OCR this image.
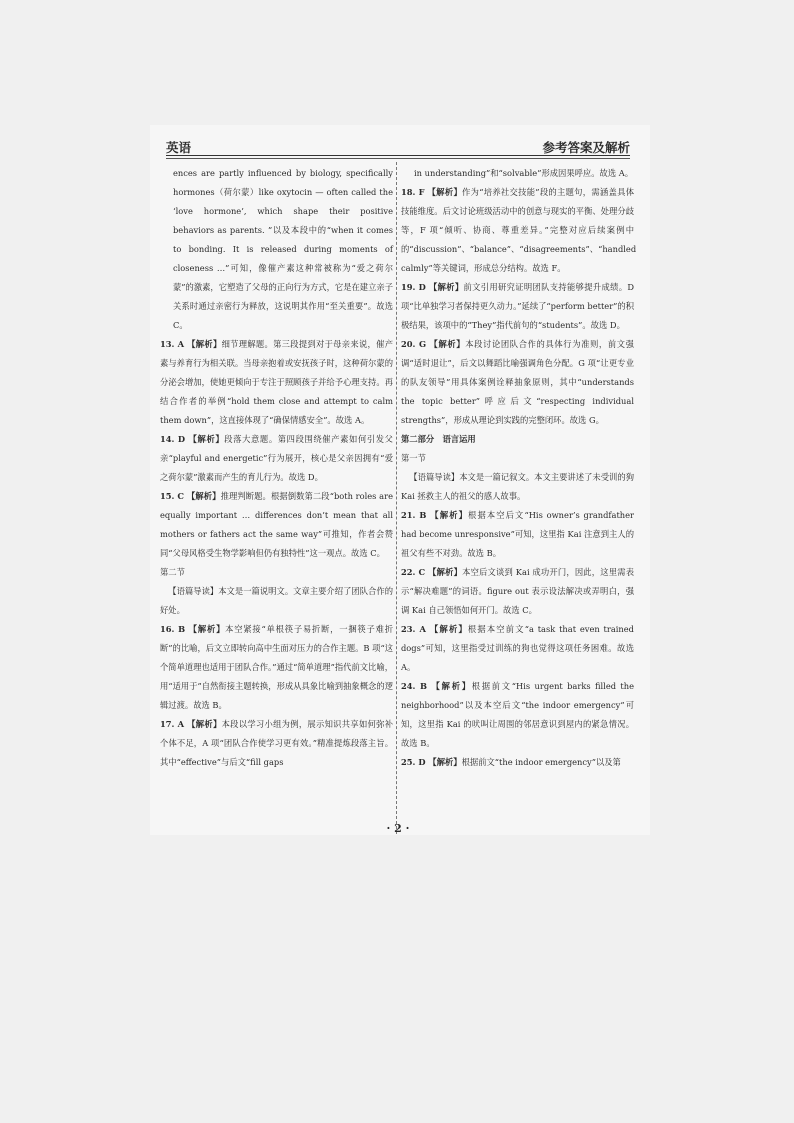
英语	参考答案及解析

ences are partly influenced by biology, specifically hormones（荷尔蒙）like oxytocin — often called the ‘love hormone’, which shape their positive behaviors as parents. ”以及本段中的“when it comes to bonding. It is released during moments of closeness …”可知，像催产素这种常被称为“爱之荷尔蒙”的激素，它塑造了父母的正向行为方式，它是在建立亲子关系时通过亲密行为释放，这说明其作用“至关重要”。故选 C。

13. A 【解析】细节理解题。第三段提到对于母亲来说，催产素与养育行为相关联。当母亲抱着或安抚孩子时，这种荷尔蒙的分泌会增加，使她更倾向于专注于照顾孩子并给予心理支持。再结合作者的举例“hold them close and attempt to calm them down”，这直接体现了“确保情感安全”。故选 A。

14. D 【解析】段落大意题。第四段围绕催产素如何引发父亲“playful and energetic”行为展开，核心是父亲因拥有“爱之荷尔蒙”激素而产生的育儿行为。故选 D。

15. C 【解析】推理判断题。根据倒数第二段“both roles are equally important … differences don’t mean that all mothers or fathers act the same way”可推知，作者会赞同“父母风格受生物学影响但仍有独特性”这一观点。故选 C。

第二节

【语篇导读】本文是一篇说明文。文章主要介绍了团队合作的好处。

16. B 【解析】本空紧接“单根筷子易折断，一捆筷子难折断”的比喻，后文立即转向高中生面对压力的合作主题。B 项“这个简单道理也适用于团队合作。”通过“简单道理”指代前文比喻，用“适用于”自然衔接主题转换，形成从具象比喻到抽象概念的逻辑过渡。故选 B。

17. A 【解析】本段以学习小组为例，展示知识共享如何弥补个体不足，A 项“团队合作使学习更有效。”精准提炼段落主旨。其中“effective”与后文“fill gaps

in understanding”和“solvable”形成因果呼应。故选 A。

18. F 【解析】作为“培养社交技能”段的主题句，需涵盖具体技能维度。后文讨论班级活动中的创意与现实的平衡、处理分歧等，F 项“倾听、协商、尊重差异。”完整对应后续案例中的“discussion”、“balance”、“disagreements”、“handled calmly”等关键词，形成总分结构。故选 F。

19. D 【解析】前文引用研究证明团队支持能够提升成绩。D 项“比单独学习者保持更久动力。”延续了“perform better”的积极结果，该项中的“They”指代前句的“students”。故选 D。

20. G 【解析】本段讨论团队合作的具体行为准则，前文强调“适时退让”，后文以舞蹈比喻强调角色分配。G 项“让更专业的队友领导”用具体案例诠释抽象原则，其中“understands the topic better”呼应后文“respecting individual strengths”，形成从理论到实践的完整闭环。故选 G。

第二部分　语言运用

第一节

【语篇导读】本文是一篇记叙文。本文主要讲述了未受训的狗 Kai 拯救主人的祖父的感人故事。

21. B 【解析】根据本空后文“His owner’s grandfather had become unresponsive”可知，这里指 Kai 注意到主人的祖父有些不对劲。故选 B。

22. C 【解析】本空后文谈到 Kai 成功开门，因此，这里需表示“解决难题”的词语。figure out 表示设法解决或弄明白，强调 Kai 自己领悟如何开门。故选 C。

23. A 【解析】根据本空前文“a task that even trained dogs”可知，这里指受过训练的狗也觉得这项任务困难。故选 A。

24. B 【解析】根据前文“His urgent barks filled the neighborhood”以及本空后文“the indoor emergency”可知，这里指 Kai 的吠叫让周围的邻居意识到屋内的紧急情况。故选 B。

25. D 【解析】根据前文“the indoor emergency”以及第

· 2 ·
